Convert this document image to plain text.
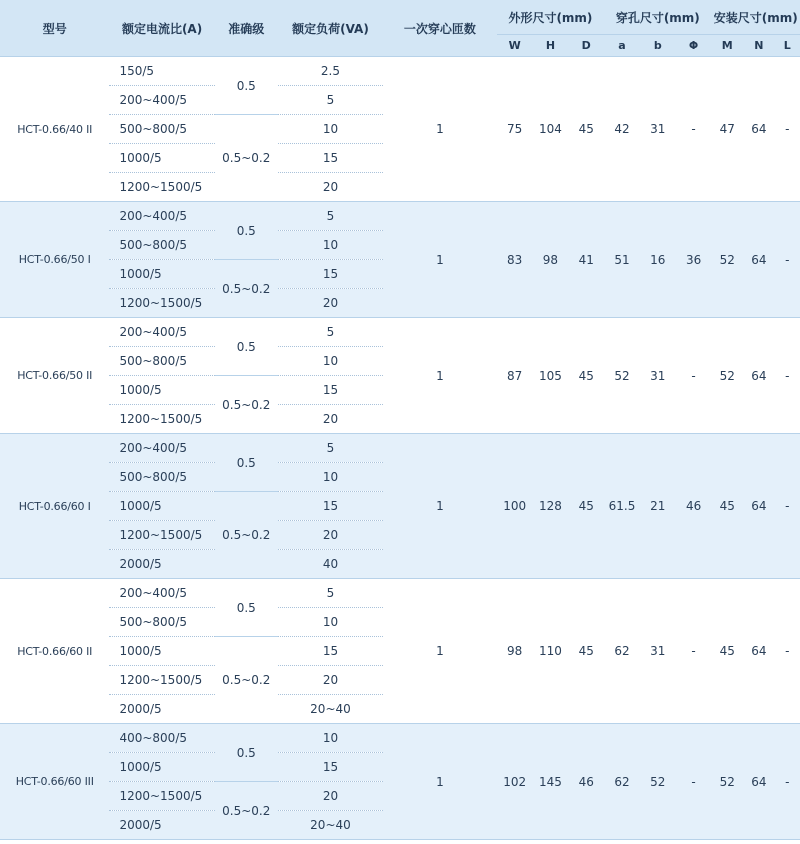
型号	额定电流比(A)	准确级	额定负荷(VA)	一次穿心匝数	外形尺寸(mm)			穿孔尺寸(mm)			安装尺寸(mm)		
					W	H	D	a	b	Φ	M	N	L
HCT-0.66/40 II	150/5	0.5	2.5	1	75	104	45	42	31	-	47	64	-
	200~400/5		5										
	500~800/5	0.5~0.2	10										
	1000/5		15										
	1200~1500/5		20										
HCT-0.66/50 I	200~400/5	0.5	5	1	83	98	41	51	16	36	52	64	-
	500~800/5		10										
	1000/5	0.5~0.2	15										
	1200~1500/5		20										
HCT-0.66/50 II	200~400/5	0.5	5	1	87	105	45	52	31	-	52	64	-
	500~800/5		10										
	1000/5	0.5~0.2	15										
	1200~1500/5		20										
HCT-0.66/60 I	200~400/5	0.5	5	1	100	128	45	61.5	21	46	45	64	-
	500~800/5		10										
	1000/5	0.5~0.2	15										
	1200~1500/5		20										
	2000/5		40										
HCT-0.66/60 II	200~400/5	0.5	5	1	98	110	45	62	31	-	45	64	-
	500~800/5		10										
	1000/5	0.5~0.2	15										
	1200~1500/5		20										
	2000/5		20~40										
HCT-0.66/60 III	400~800/5	0.5	10	1	102	145	46	62	52	-	52	64	-
	1000/5		15										
	1200~1500/5	0.5~0.2	20										
	2000/5		20~40										
